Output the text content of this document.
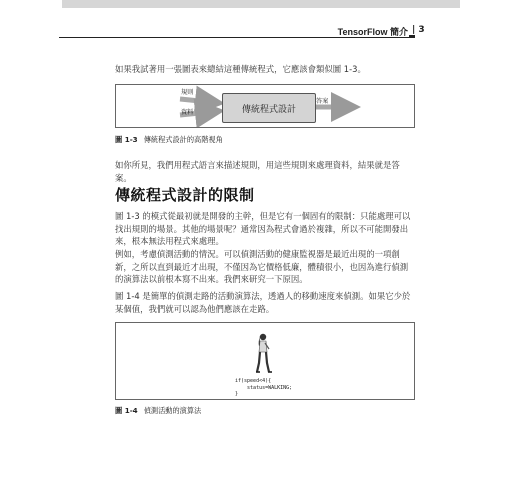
TensorFlow 簡介 | 3
如果我試著用一張圖表來總結這種傳統程式，它應該會類似圖 1-3。
規則
資料	傳統程式設計
答案
圖 1-3 傳統程式設計的高階視角
如你所見，我們用程式語言來描述規則，用這些規則來處理資料，結果就是答案。
傳統程式設計的限制
圖 1-3 的模式從最初就是開發的主幹，但是它有一個固有的限制：只能處理可以找出規則的場景。其他的場景呢？通常因為程式會過於複雜，所以不可能開發出來，根本無法用程式來處理。
例如，考慮偵測活動的情況。可以偵測活動的健康監視器是最近出現的一項創新，之所以直到最近才出現，不僅因為它價格低廉，體積很小，也因為進行偵測的演算法以前根本寫不出來。我們來研究一下原因。
圖 1-4 是簡單的偵測走路的活動演算法，透過人的移動速度來偵測。如果它少於某個值，我們就可以認為他們應該在走路。
if(speed<4){
status=WALKING;
}
圖 1-4 偵測活動的演算法
